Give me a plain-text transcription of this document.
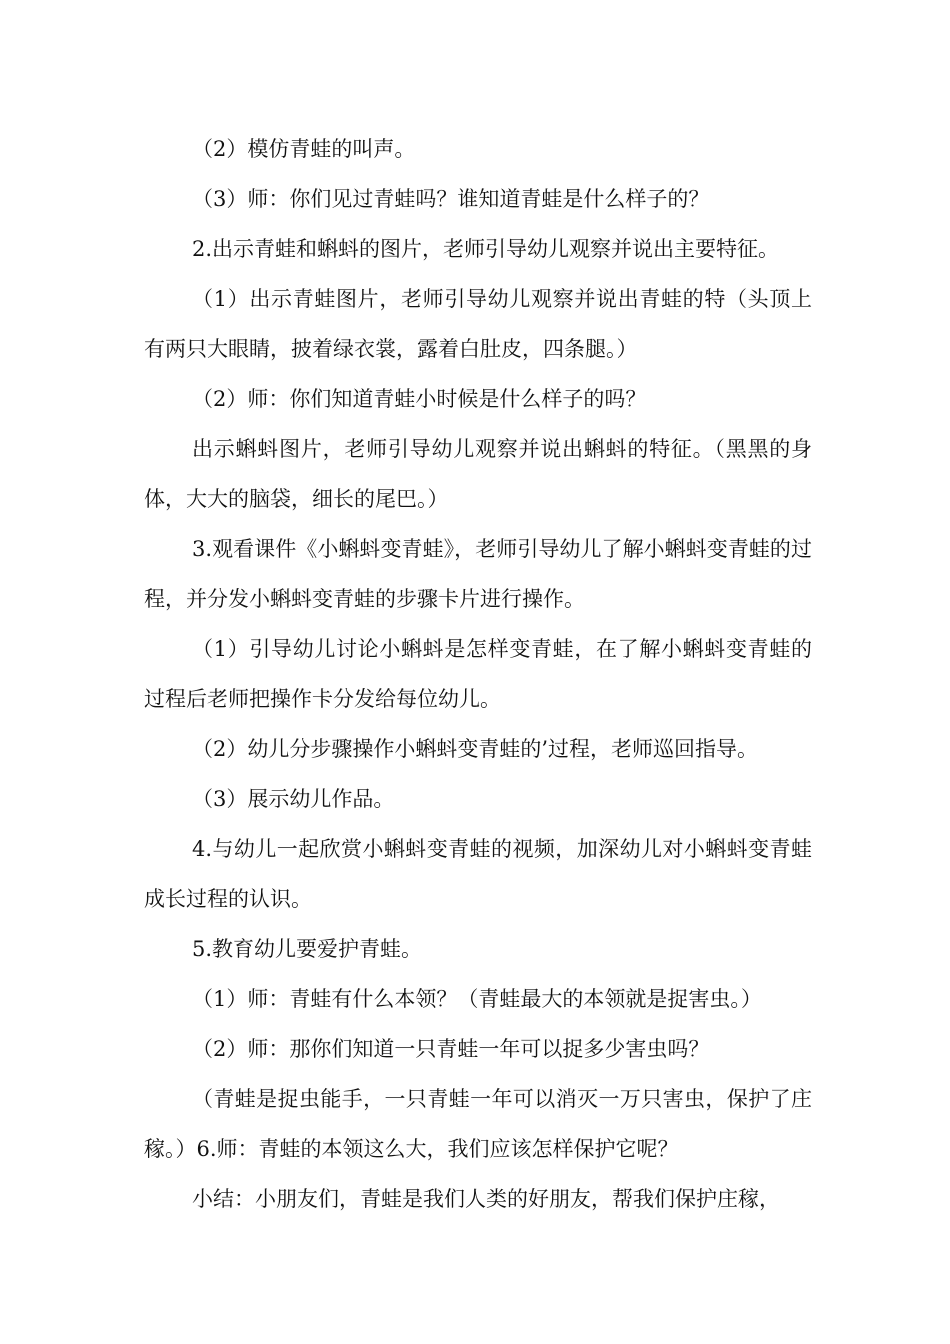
（2）模仿青蛙的叫声。

（3）师：你们见过青蛙吗？谁知道青蛙是什么样子的？

2.出示青蛙和蝌蚪的图片，老师引导幼儿观察并说出主要特征。

（1）出示青蛙图片，老师引导幼儿观察并说出青蛙的特（头顶上有两只大眼睛，披着绿衣裳，露着白肚皮，四条腿。）

（2）师：你们知道青蛙小时候是什么样子的吗？

出示蝌蚪图片，老师引导幼儿观察并说出蝌蚪的特征。（黑黑的身体，大大的脑袋，细长的尾巴。）

3.观看课件《小蝌蚪变青蛙》，老师引导幼儿了解小蝌蚪变青蛙的过程，并分发小蝌蚪变青蛙的步骤卡片进行操作。

（1）引导幼儿讨论小蝌蚪是怎样变青蛙，在了解小蝌蚪变青蛙的过程后老师把操作卡分发给每位幼儿。

（2）幼儿分步骤操作小蝌蚪变青蛙的’过程，老师巡回指导。

（3）展示幼儿作品。

4.与幼儿一起欣赏小蝌蚪变青蛙的视频，加深幼儿对小蝌蚪变青蛙成长过程的认识。

5.教育幼儿要爱护青蛙。

（1）师：青蛙有什么本领？（青蛙最大的本领就是捉害虫。）

（2）师：那你们知道一只青蛙一年可以捉多少害虫吗？

（青蛙是捉虫能手，一只青蛙一年可以消灭一万只害虫，保护了庄稼。）6.师：青蛙的本领这么大，我们应该怎样保护它呢？

小结：小朋友们，青蛙是我们人类的好朋友，帮我们保护庄稼，
